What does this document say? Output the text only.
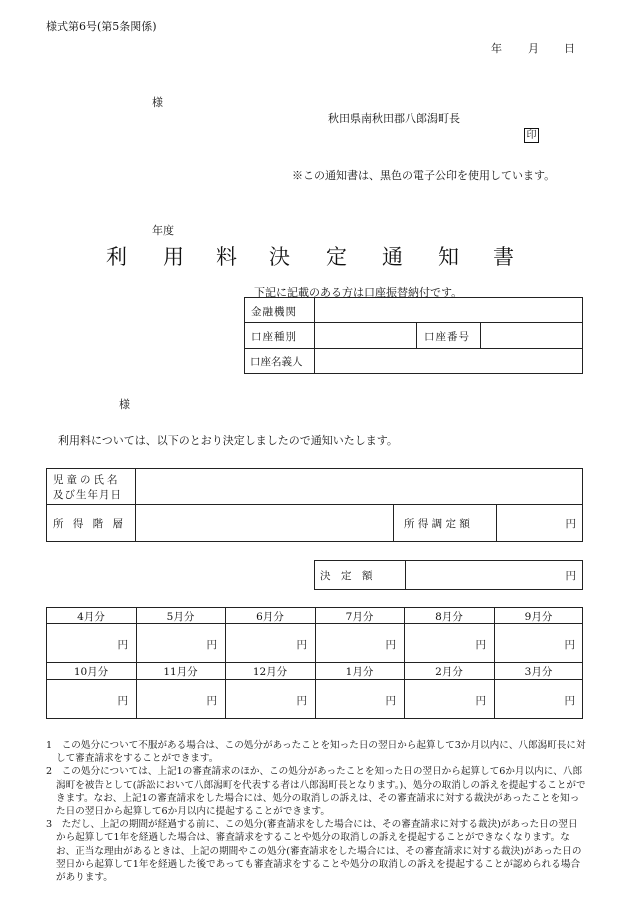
様式第6号(第5条関係)
年 月 日
様
秋田県南秋田郡八郎潟町長
印
※この通知書は、黒色の電子公印を使用しています。
年度
利 用 料 決 定 通 知 書
下記に記載のある方は口座振替納付です。
金融機関
口座種別	口座番号
口座名義人
様
利用料については、以下のとおり決定しましたので通知いたします。
児童の氏名
及び生年月日
所 得 階 層	所 得 調 定 額	円
決　定　額	円
4月分	5月分	6月分	7月分	8月分	9月分
円	円	円	円	円	円
10月分	11月分	12月分	1月分	2月分	3月分
円	円	円	円	円	円

1　この処分について不服がある場合は、この処分があったことを知った日の翌日から起算して3か月以内に、八郎潟町長に対して審査請求をすることができます。

2　この処分については、上記1の審査請求のほか、この処分があったことを知った日の翌日から起算して6か月以内に、八郎潟町を被告として(訴訟において八郎潟町を代表する者は八郎潟町長となります。)、処分の取消しの訴えを提起することができます。なお、上記1の審査請求をした場合には、処分の取消しの訴えは、その審査請求に対する裁決があったことを知った日の翌日から起算して6か月以内に提起することができます。

3　ただし、上記の期間が経過する前に、この処分(審査請求をした場合には、その審査請求に対する裁決)があった日の翌日から起算して1年を経過した場合は、審査請求をすることや処分の取消しの訴えを提起することができなくなります。なお、正当な理由があるときは、上記の期間やこの処分(審査請求をした場合には、その審査請求に対する裁決)があった日の翌日から起算して1年を経過した後であっても審査請求をすることや処分の取消しの訴えを提起することが認められる場合があります。
